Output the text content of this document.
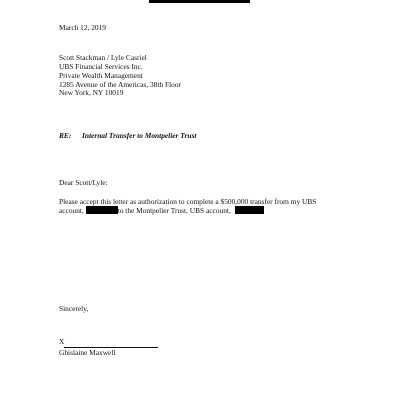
March 12, 2019
Scott Stackman / Lyle Casriel
UBS Financial Services Inc.
Private Wealth Management
1285 Avenue of the Americas, 38th Floor
New York, NY 10019
RE: Internal Transfer to Montpelier Trust
Dear Scott/Lyle:
Please accept this letter as authorization to complete a $500,000 transfer from my UBS
account,	to the Montpelier Trust, UBS account,
Sincerely,
X
Ghislaine Maxwell
